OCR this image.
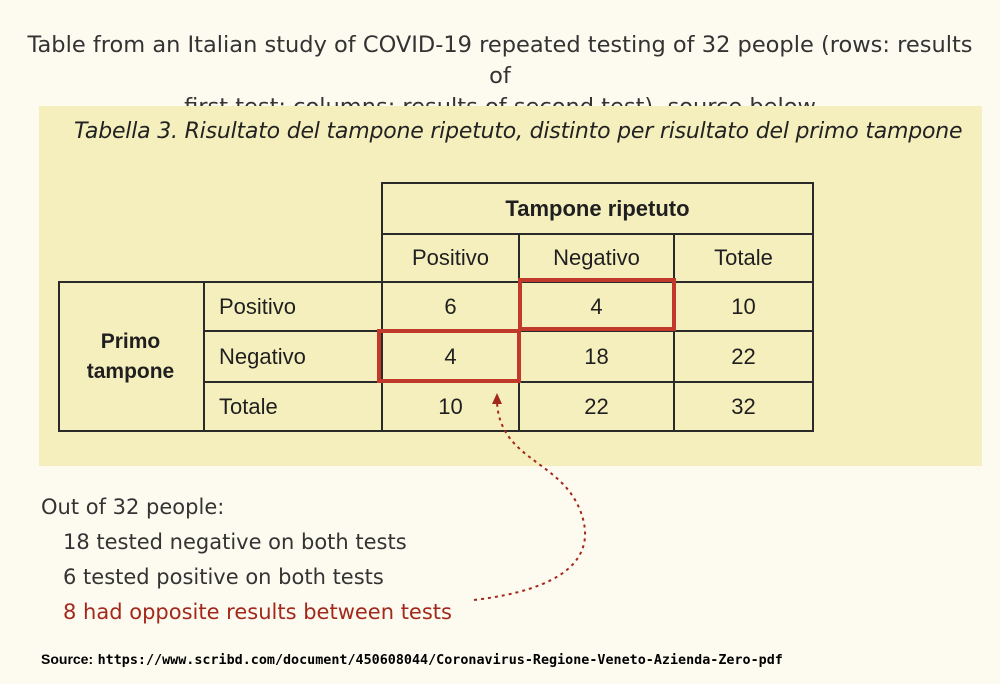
Table from an Italian study of COVID-19 repeated testing of 32 people (rows: results of
Tabella 3. Risultato del tampone ripetuto, distinto per risultato del primo tampone
Tampone ripetuto
Positivo	Negativo	Totale
Primo
tampone
Positivo	6	4	10
Negativo	4	18	22
Totale	10	22	32
Out of 32 people:
18 tested negative on both tests
6 tested positive on both tests
8 had opposite results between tests
Source: https://www.scribd.com/document/450608044/Coronavirus-Regione-Veneto-Azienda-Zero-pdf
